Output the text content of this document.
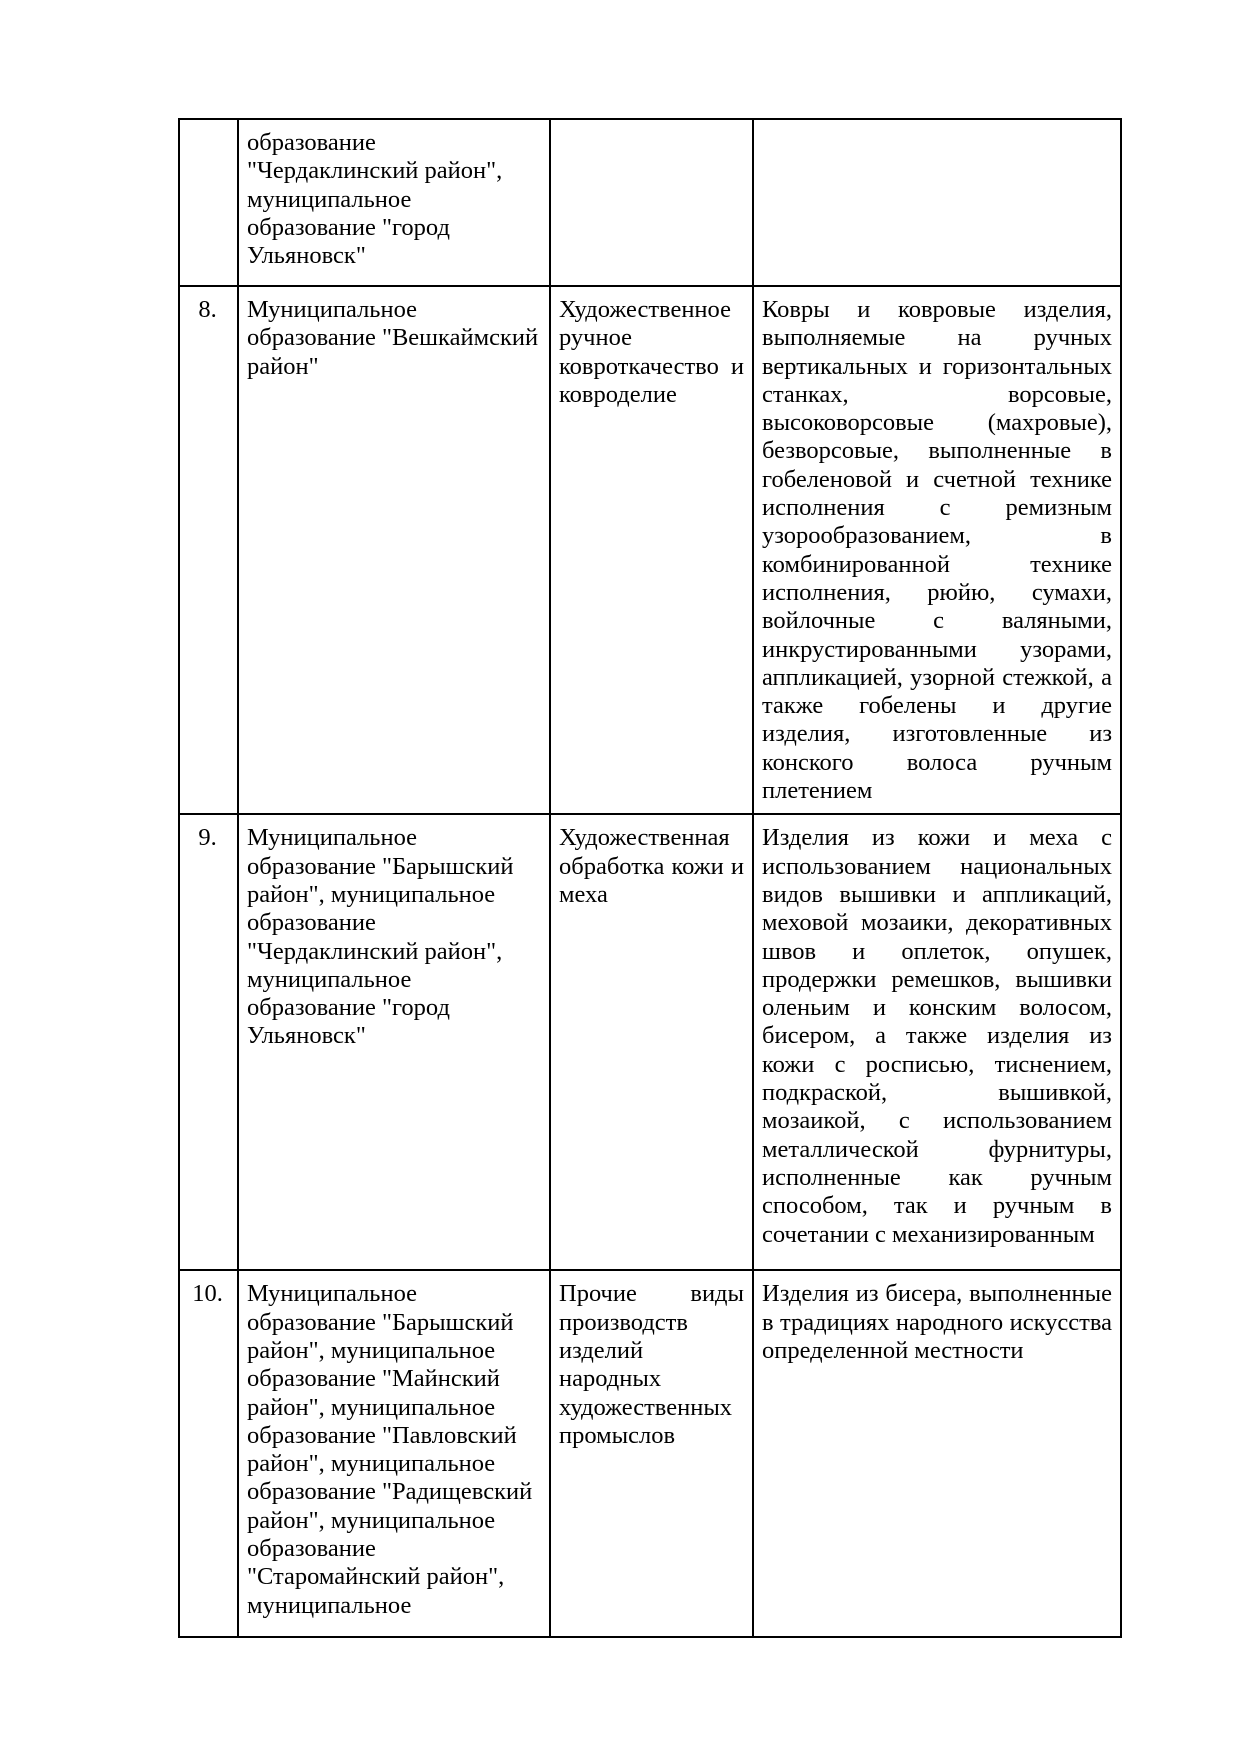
	образование "Чердаклинский район", муниципальное образование "город Ульяновск"		
8.	Муниципальное образование "Вешкаймский район"	Художественное ручное ковроткачество и ковроделие	Ковры и ковровые изделия, выполняемые на ручных вертикальных и горизонтальных станках, ворсовые, высоковорсовые (махровые), безворсовые, выполненные в гобеленовой и счетной технике исполнения с ремизным узорообразованием, в комбинированной технике исполнения, рюйю, сумахи, войлочные с валяными, инкрустированными узорами, аппликацией, узорной стежкой, а также гобелены и другие изделия, изготовленные из конского волоса ручным плетением
9.	Муниципальное образование "Барышский район", муниципальное образование "Чердаклинский район", муниципальное образование "город Ульяновск"	Художественная обработка кожи и меха	Изделия из кожи и меха с использованием национальных видов вышивки и аппликаций, меховой мозаики, декоративных швов и оплеток, опушек, продержки ремешков, вышивки оленьим и конским волосом, бисером, а также изделия из кожи с росписью, тиснением, подкраской, вышивкой, мозаикой, с использованием металлической фурнитуры, исполненные как ручным способом, так и ручным в сочетании с механизированным
10.	Муниципальное образование "Барышский район", муниципальное образование "Майнский район", муниципальное образование "Павловский район", муниципальное образование "Радищевский район", муниципальное образование "Старомайнский район", муниципальное	Прочие виды производств изделий народных художественных промыслов	Изделия из бисера, выполненные в традициях народного искусства определенной местности
